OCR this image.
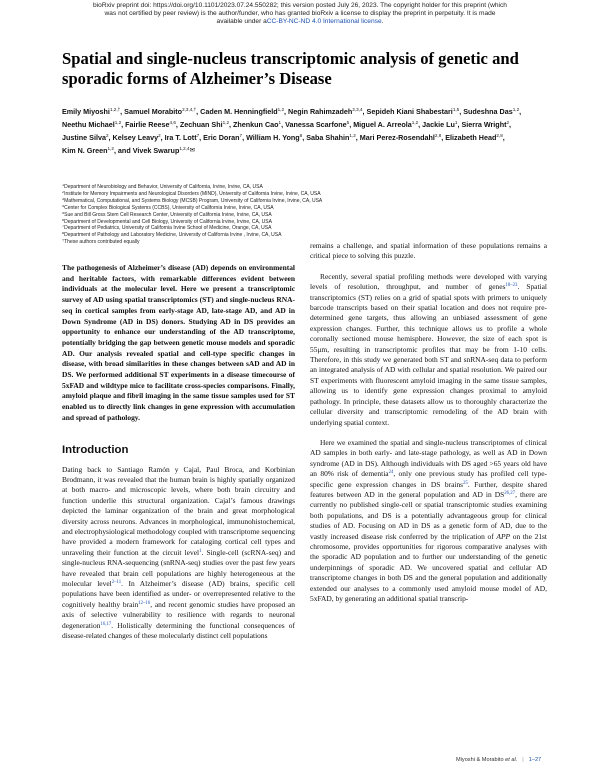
bioRxiv preprint doi: https://doi.org/10.1101/2023.07.24.550282; this version posted July 26, 2023. The copyright holder for this preprint (which
was not certified by peer review) is the author/funder, who has granted bioRxiv a license to display the preprint in perpetuity. It is made
available under aCC-BY-NC-ND 4.0 International license.
Spatial and single-nucleus transcriptomic analysis of genetic and sporadic forms of Alzheimer’s Disease
Emily Miyoshi$^{1,2,\dagger}$, Samuel Morabito$^{2,3,4,\dagger}$, Caden M. Henningfield$^{1,2}$, Negin Rahimzadeh$^{2,3,4}$, Sepideh Kiani Shabestari$^{1,5}$, Sudeshna Das$^{1,2}$, Neethu Michael$^{1,2}$, Fairlie Reese$^{4,6}$, Zechuan Shi$^{1,2}$, Zhenkun Cao$^1$, Vanessa Scarfone$^5$, Miguel A. Arreola$^{1,2}$, Jackie Lu$^1$, Sierra Wright$^2$, Justine Silva$^2$, Kelsey Leavy$^2$, Ira T. Lott$^7$, Eric Doran$^7$, William H. Yong$^8$, Saba Shahin$^{1,2}$, Mari Perez-Rosendahl$^{2,8}$, Elizabeth Head$^{2,8}$, Kim N. Green$^{1,2}$, and Vivek Swarup$^{1,2,4}$✉
$^1$Department of Neurobiology and Behavior, University of California, Irvine, Irvine, CA, USA
$^2$Institute for Memory Impairments and Neurological Disorders (MIND), University of California Irvine, Irvine, CA, USA
$^3$Mathematical, Computational, and Systems Biology (MCSB) Program, University of California Irvine, Irvine, CA, USA
$^4$Center for Complex Biological Systems (CCBS), University of California Irvine, Irvine, CA, USA
$^5$Sue and Bill Gross Stem Cell Research Center, University of California Irvine, Irvine, CA, USA
$^6$Department of Developmental and Cell Biology, University of California Irvine, Irvine, CA, USA
$^7$Department of Pediatrics, University of California Irvine School of Medicine, Orange, CA, USA
$^8$Department of Pathology and Laboratory Medicine, University of California Irvine , Irvine, CA, USA
†These authors contributed equally

The pathogenesis of Alzheimer’s disease (AD) depends on environmental and heritable factors, with remarkable differences evident between individuals at the molecular level. Here we present a transcriptomic survey of AD using spatial transcriptomics (ST) and single-nucleus RNA-seq in cortical samples from early-stage AD, late-stage AD, and AD in Down Syndrome (AD in DS) donors. Studying AD in DS provides an opportunity to enhance our understanding of the AD transcriptome, potentially bridging the gap between genetic mouse models and sporadic AD. Our analysis revealed spatial and cell-type specific changes in disease, with broad similarities in these changes between sAD and AD in DS. We performed additional ST experiments in a disease timecourse of 5xFAD and wildtype mice to facilitate cross-species comparisons. Finally, amyloid plaque and fibril imaging in the same tissue samples used for ST enabled us to directly link changes in gene expression with accumulation and spread of pathology.

Introduction

Dating back to Santiago Ramón y Cajal, Paul Broca, and Korbinian Brodmann, it was revealed that the human brain is highly spatially organized at both macro- and microscopic levels, where both brain circuitry and function underlie this structural organization. Cajal’s famous drawings depicted the laminar organization of the brain and great morphological diversity across neurons. Advances in morphological, immunohistochemical, and electrophysiological methodology coupled with transcriptome sequencing have provided a modern framework for cataloging cortical cell types and unraveling their function at the circuit level$^1$. Single-cell (scRNA-seq) and single-nucleus RNA-sequencing (snRNA-seq) studies over the past few years have revealed that brain cell populations are highly heterogeneous at the molecular level$^{2-11}$. In Alzheimer’s disease (AD) brains, specific cell populations have been identified as under- or overrepresented relative to the cognitively healthy brain$^{12-16}$, and recent genomic studies have proposed an axis of selective vulnerability to resilience with regards to neuronal degeneration$^{16,17}$. Holistically determining the functional consequences of disease-related changes of these molecularly distinct cell populations

remains a challenge, and spatial information of these populations remains a critical piece to solving this puzzle.

Recently, several spatial profiling methods were developed with varying levels of resolution, throughput, and number of genes$^{18-23}$. Spatial transcriptomics (ST) relies on a grid of spatial spots with primers to uniquely barcode transcripts based on their spatial location and does not require pre-determined gene targets, thus allowing an unbiased assessment of gene expression changes. Further, this technique allows us to profile a whole coronally sectioned mouse hemisphere. However, the size of each spot is 55μm, resulting in transcriptomic profiles that may be from 1-10 cells. Therefore, in this study we generated both ST and snRNA-seq data to perform an integrated analysis of AD with cellular and spatial resolution. We paired our ST experiments with fluorescent amyloid imaging in the same tissue samples, allowing us to identify gene expression changes proximal to amyloid pathology. In principle, these datasets allow us to thoroughly characterize the cellular diversity and transcriptomic remodeling of the AD brain with underlying spatial context.

Here we examined the spatial and single-nucleus transcriptomes of clinical AD samples in both early- and late-stage pathology, as well as AD in Down syndrome (AD in DS). Although individuals with DS aged >65 years old have an 80% risk of dementia$^{24}$, only one previous study has profiled cell type-specific gene expression changes in DS brains$^{25}$. Further, despite shared features between AD in the general population and AD in DS$^{26,27}$, there are currently no published single-cell or spatial transcriptomic studies examining both populations, and DS is a potentially advantageous group for clinical studies of AD. Focusing on AD in DS as a genetic form of AD, due to the vastly increased disease risk conferred by the triplication of APP on the 21st chromosome, provides opportunities for rigorous comparative analyses with the sporadic AD population and to further our understanding of the genetic underpinnings of sporadic AD. We uncovered spatial and cellular AD transcriptome changes in both DS and the general population and additionally extended our analyses to a commonly used amyloid mouse model of AD, 5xFAD, by generating an additional spatial transcrip-

Miyoshi & Morabito et al. | 1–27
